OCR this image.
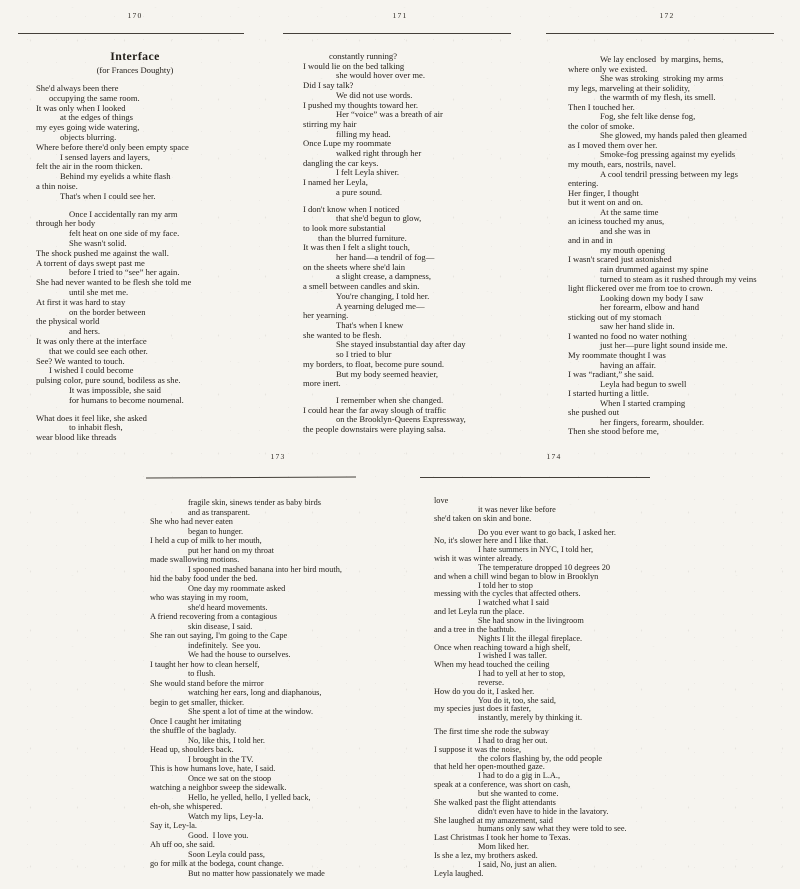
170
Interface
(for Frances Doughty)
She'd always been there
occupying the same room.
It was only when I looked
at the edges of things
my eyes going wide watering,
objects blurring.
Where before there'd only been empty space
I sensed layers and layers,
felt the air in the room thicken.
Behind my eyelids a white flash
a thin noise.
That's when I could see her.
Once I accidentally ran my arm
through her body
felt heat on one side of my face.
She wasn't solid.
The shock pushed me against the wall.
A torrent of days swept past me
before I tried to “see” her again.
She had never wanted to be flesh she told me
until she met me.
At first it was hard to stay
on the border between
the physical world
and hers.
It was only there at the interface
that we could see each other.
See? We wanted to touch.
I wished I could become
pulsing color, pure sound, bodiless as she.
It was impossible, she said
for humans to become noumenal.
What does it feel like, she asked
to inhabit flesh,
wear blood like threads
171
constantly running?
I would lie on the bed talking
she would hover over me.
Did I say talk?
We did not use words.
I pushed my thoughts toward her.
Her “voice” was a breath of air
stirring my hair
filling my head.
Once Lupe my roommate
walked right through her
dangling the car keys.
I felt Leyla shiver.
I named her Leyla,
a pure sound.
I don't know when I noticed
that she'd begun to glow,
to look more substantial
than the blurred furniture.
It was then I felt a slight touch,
her hand—a tendril of fog—
on the sheets where she'd lain
a slight crease, a dampness,
a smell between candles and skin.
You're changing, I told her.
A yearning deluged me—
her yearning.
That's when I knew
she wanted to be flesh.
She stayed insubstantial day after day
so I tried to blur
my borders, to float, become pure sound.
But my body seemed heavier,
more inert.
I remember when she changed.
I could hear the far away slough of traffic
on the Brooklyn-Queens Expressway,
the people downstairs were playing salsa.
172
We lay enclosed  by margins, hems,
where only we existed.
She was stroking  stroking my arms
my legs, marveling at their solidity,
the warmth of my flesh, its smell.
Then I touched her.
Fog, she felt like dense fog,
the color of smoke.
She glowed, my hands paled then gleamed
as I moved them over her.
Smoke-fog pressing against my eyelids
my mouth, ears, nostrils, navel.
A cool tendril pressing between my legs
entering.
Her finger, I thought
but it went on and on.
At the same time
an iciness touched my anus,
and she was in
and in and in
my mouth opening
I wasn't scared just astonished
rain drummed against my spine
turned to steam as it rushed through my veins
light flickered over me from toe to crown.
Looking down my body I saw
her forearm, elbow and hand
sticking out of my stomach
saw her hand slide in.
I wanted no food no water nothing
just her—pure light sound inside me.
My roommate thought I was
having an affair.
I was “radiant,” she said.
Leyla had begun to swell
I started hurting a little.
When I started cramping
she pushed out
her fingers, forearm, shoulder.
Then she stood before me,
173
fragile skin, sinews tender as baby birds
and as transparent.
She who had never eaten
began to hunger.
I held a cup of milk to her mouth,
put her hand on my throat
made swallowing motions.
I spooned mashed banana into her bird mouth,
hid the baby food under the bed.
One day my roommate asked
who was staying in my room,
she'd heard movements.
A friend recovering from a contagious
skin disease, I said.
She ran out saying, I'm going to the Cape
indefinitely.  See you.
We had the house to ourselves.
I taught her how to clean herself,
to flush.
She would stand before the mirror
watching her ears, long and diaphanous,
begin to get smaller, thicker.
She spent a lot of time at the window.
Once I caught her imitating
the shuffle of the baglady.
No, like this, I told her.
Head up, shoulders back.
I brought in the TV.
This is how humans love, hate, I said.
Once we sat on the stoop
watching a neighbor sweep the sidewalk.
Hello, he yelled, hello, I yelled back,
eh-oh, she whispered.
Watch my lips, Ley-la.
Say it, Ley-la.
Good.  I love you.
Ah uff oo, she said.
Soon Leyla could pass,
go for milk at the bodega, count change.
But no matter how passionately we made
174
love
it was never like before
she'd taken on skin and bone.
Do you ever want to go back, I asked her.
No, it's slower here and I like that.
I hate summers in NYC, I told her,
wish it was winter already.
The temperature dropped 10 degrees 20
and when a chill wind began to blow in Brooklyn
I told her to stop
messing with the cycles that affected others.
I watched what I said
and let Leyla run the place.
She had snow in the livingroom
and a tree in the bathtub.
Nights I lit the illegal fireplace.
Once when reaching toward a high shelf,
I wished I was taller.
When my head touched the ceiling
I had to yell at her to stop,
reverse.
How do you do it, I asked her.
You do it, too, she said,
my species just does it faster,
instantly, merely by thinking it.
The first time she rode the subway
I had to drag her out.
I suppose it was the noise,
the colors flashing by, the odd people
that held her open-mouthed gaze.
I had to do a gig in L.A.,
speak at a conference, was short on cash,
but she wanted to come.
She walked past the flight attendants
didn't even have to hide in the lavatory.
She laughed at my amazement, said
humans only saw what they were told to see.
Last Christmas I took her home to Texas.
Mom liked her.
Is she a lez, my brothers asked.
I said, No, just an alien.
Leyla laughed.
